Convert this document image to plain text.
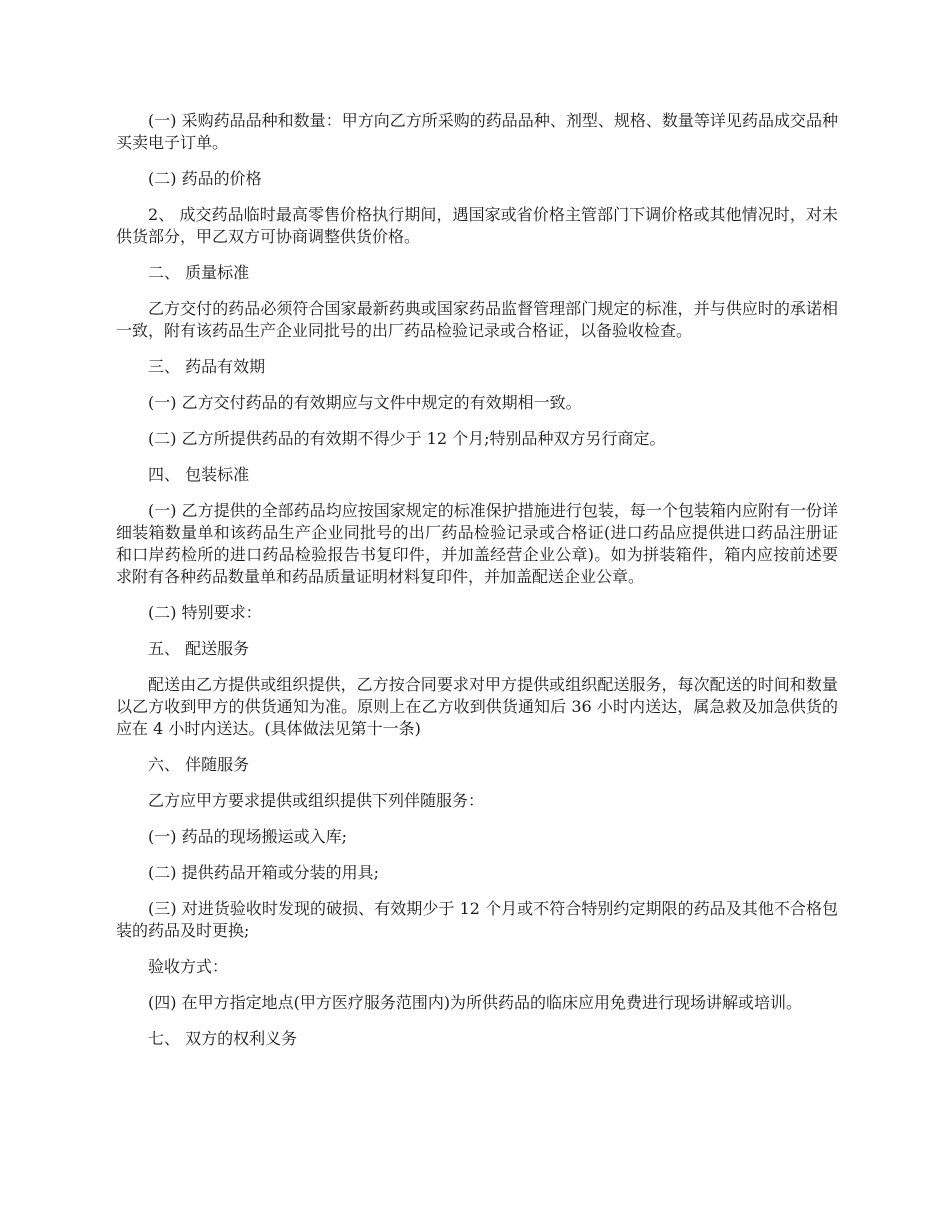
(一) 采购药品品种和数量：甲方向乙方所采购的药品品种、剂型、规格、数量等详见药品成交品种买卖电子订单。

(二) 药品的价格

2、 成交药品临时最高零售价格执行期间，遇国家或省价格主管部门下调价格或其他情况时，对未供货部分，甲乙双方可协商调整供货价格。

二、 质量标准

乙方交付的药品必须符合国家最新药典或国家药品监督管理部门规定的标准，并与供应时的承诺相一致，附有该药品生产企业同批号的出厂药品检验记录或合格证，以备验收检查。

三、 药品有效期

(一) 乙方交付药品的有效期应与文件中规定的有效期相一致。

(二) 乙方所提供药品的有效期不得少于 12 个月;特别品种双方另行商定。

四、 包装标准

(一) 乙方提供的全部药品均应按国家规定的标准保护措施进行包装，每一个包装箱内应附有一份详细装箱数量单和该药品生产企业同批号的出厂药品检验记录或合格证(进口药品应提供进口药品注册证和口岸药检所的进口药品检验报告书复印件，并加盖经营企业公章)。如为拼装箱件，箱内应按前述要求附有各种药品数量单和药品质量证明材料复印件，并加盖配送企业公章。

(二) 特别要求：

五、 配送服务

配送由乙方提供或组织提供，乙方按合同要求对甲方提供或组织配送服务，每次配送的时间和数量以乙方收到甲方的供货通知为准。原则上在乙方收到供货通知后 36 小时内送达，属急救及加急供货的应在 4 小时内送达。(具体做法见第十一条)

六、 伴随服务

乙方应甲方要求提供或组织提供下列伴随服务：

(一) 药品的现场搬运或入库;

(二) 提供药品开箱或分装的用具;

(三) 对进货验收时发现的破损、有效期少于 12 个月或不符合特别约定期限的药品及其他不合格包装的药品及时更换;

验收方式：

(四) 在甲方指定地点(甲方医疗服务范围内)为所供药品的临床应用免费进行现场讲解或培训。

七、 双方的权利义务
